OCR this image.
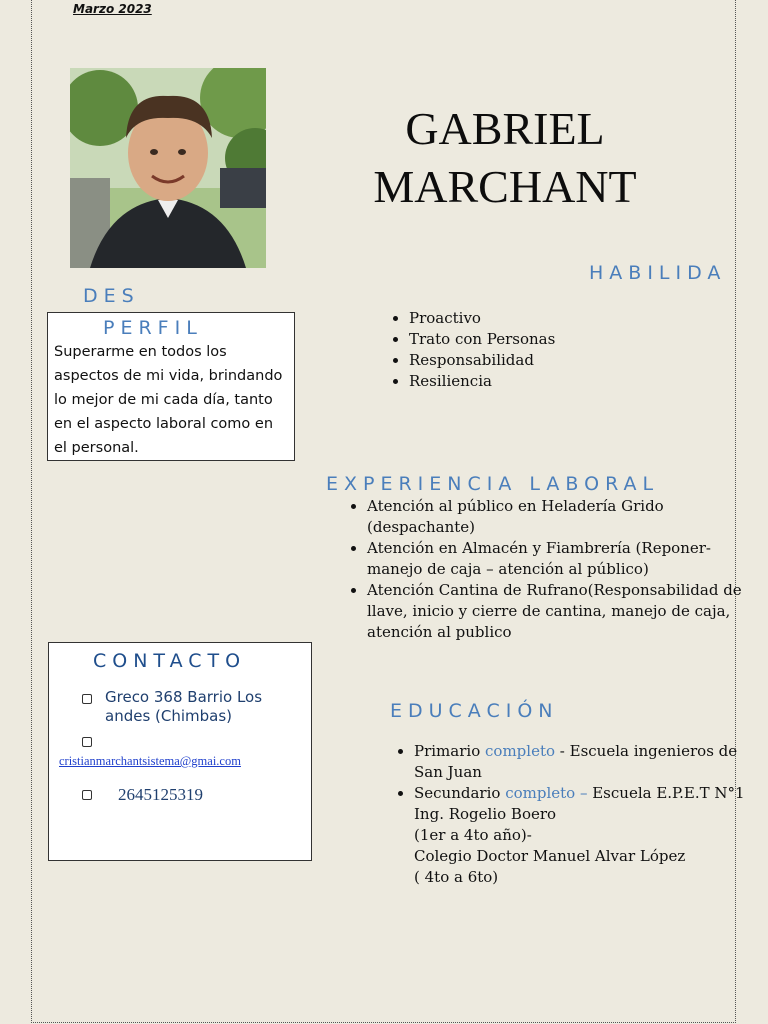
Marzo 2023
GABRIEL
MARCHANT
HABILIDA
• Proactivo
• Trato con Personas
• Responsabilidad
• Resiliencia
DES
PERFIL
Superarme en todos los aspectos de mi vida, brindando lo mejor de mi cada día, tanto en el aspecto laboral como en el personal.
EXPERIENCIA LABORAL
• Atención al público en Heladería Grido (despachante)
• Atención en Almacén y Fiambrería (Reponer- manejo de caja – atención al público)
• Atención Cantina de Rufrano(Responsabilidad de llave, inicio y cierre de cantina, manejo de caja, atención al publico
CONTACTO
Greco 368 Barrio Los andes (Chimbas)
cristianmarchantsistema@gmai.com
2645125319
EDUCACIÓN
• Primario completo - Escuela ingenieros de San Juan
• Secundario completo – Escuela E.P.E.T N°1 Ing. Rogelio Boero
(1er a 4to año)-
Colegio Doctor Manuel Alvar López
( 4to a 6to)
